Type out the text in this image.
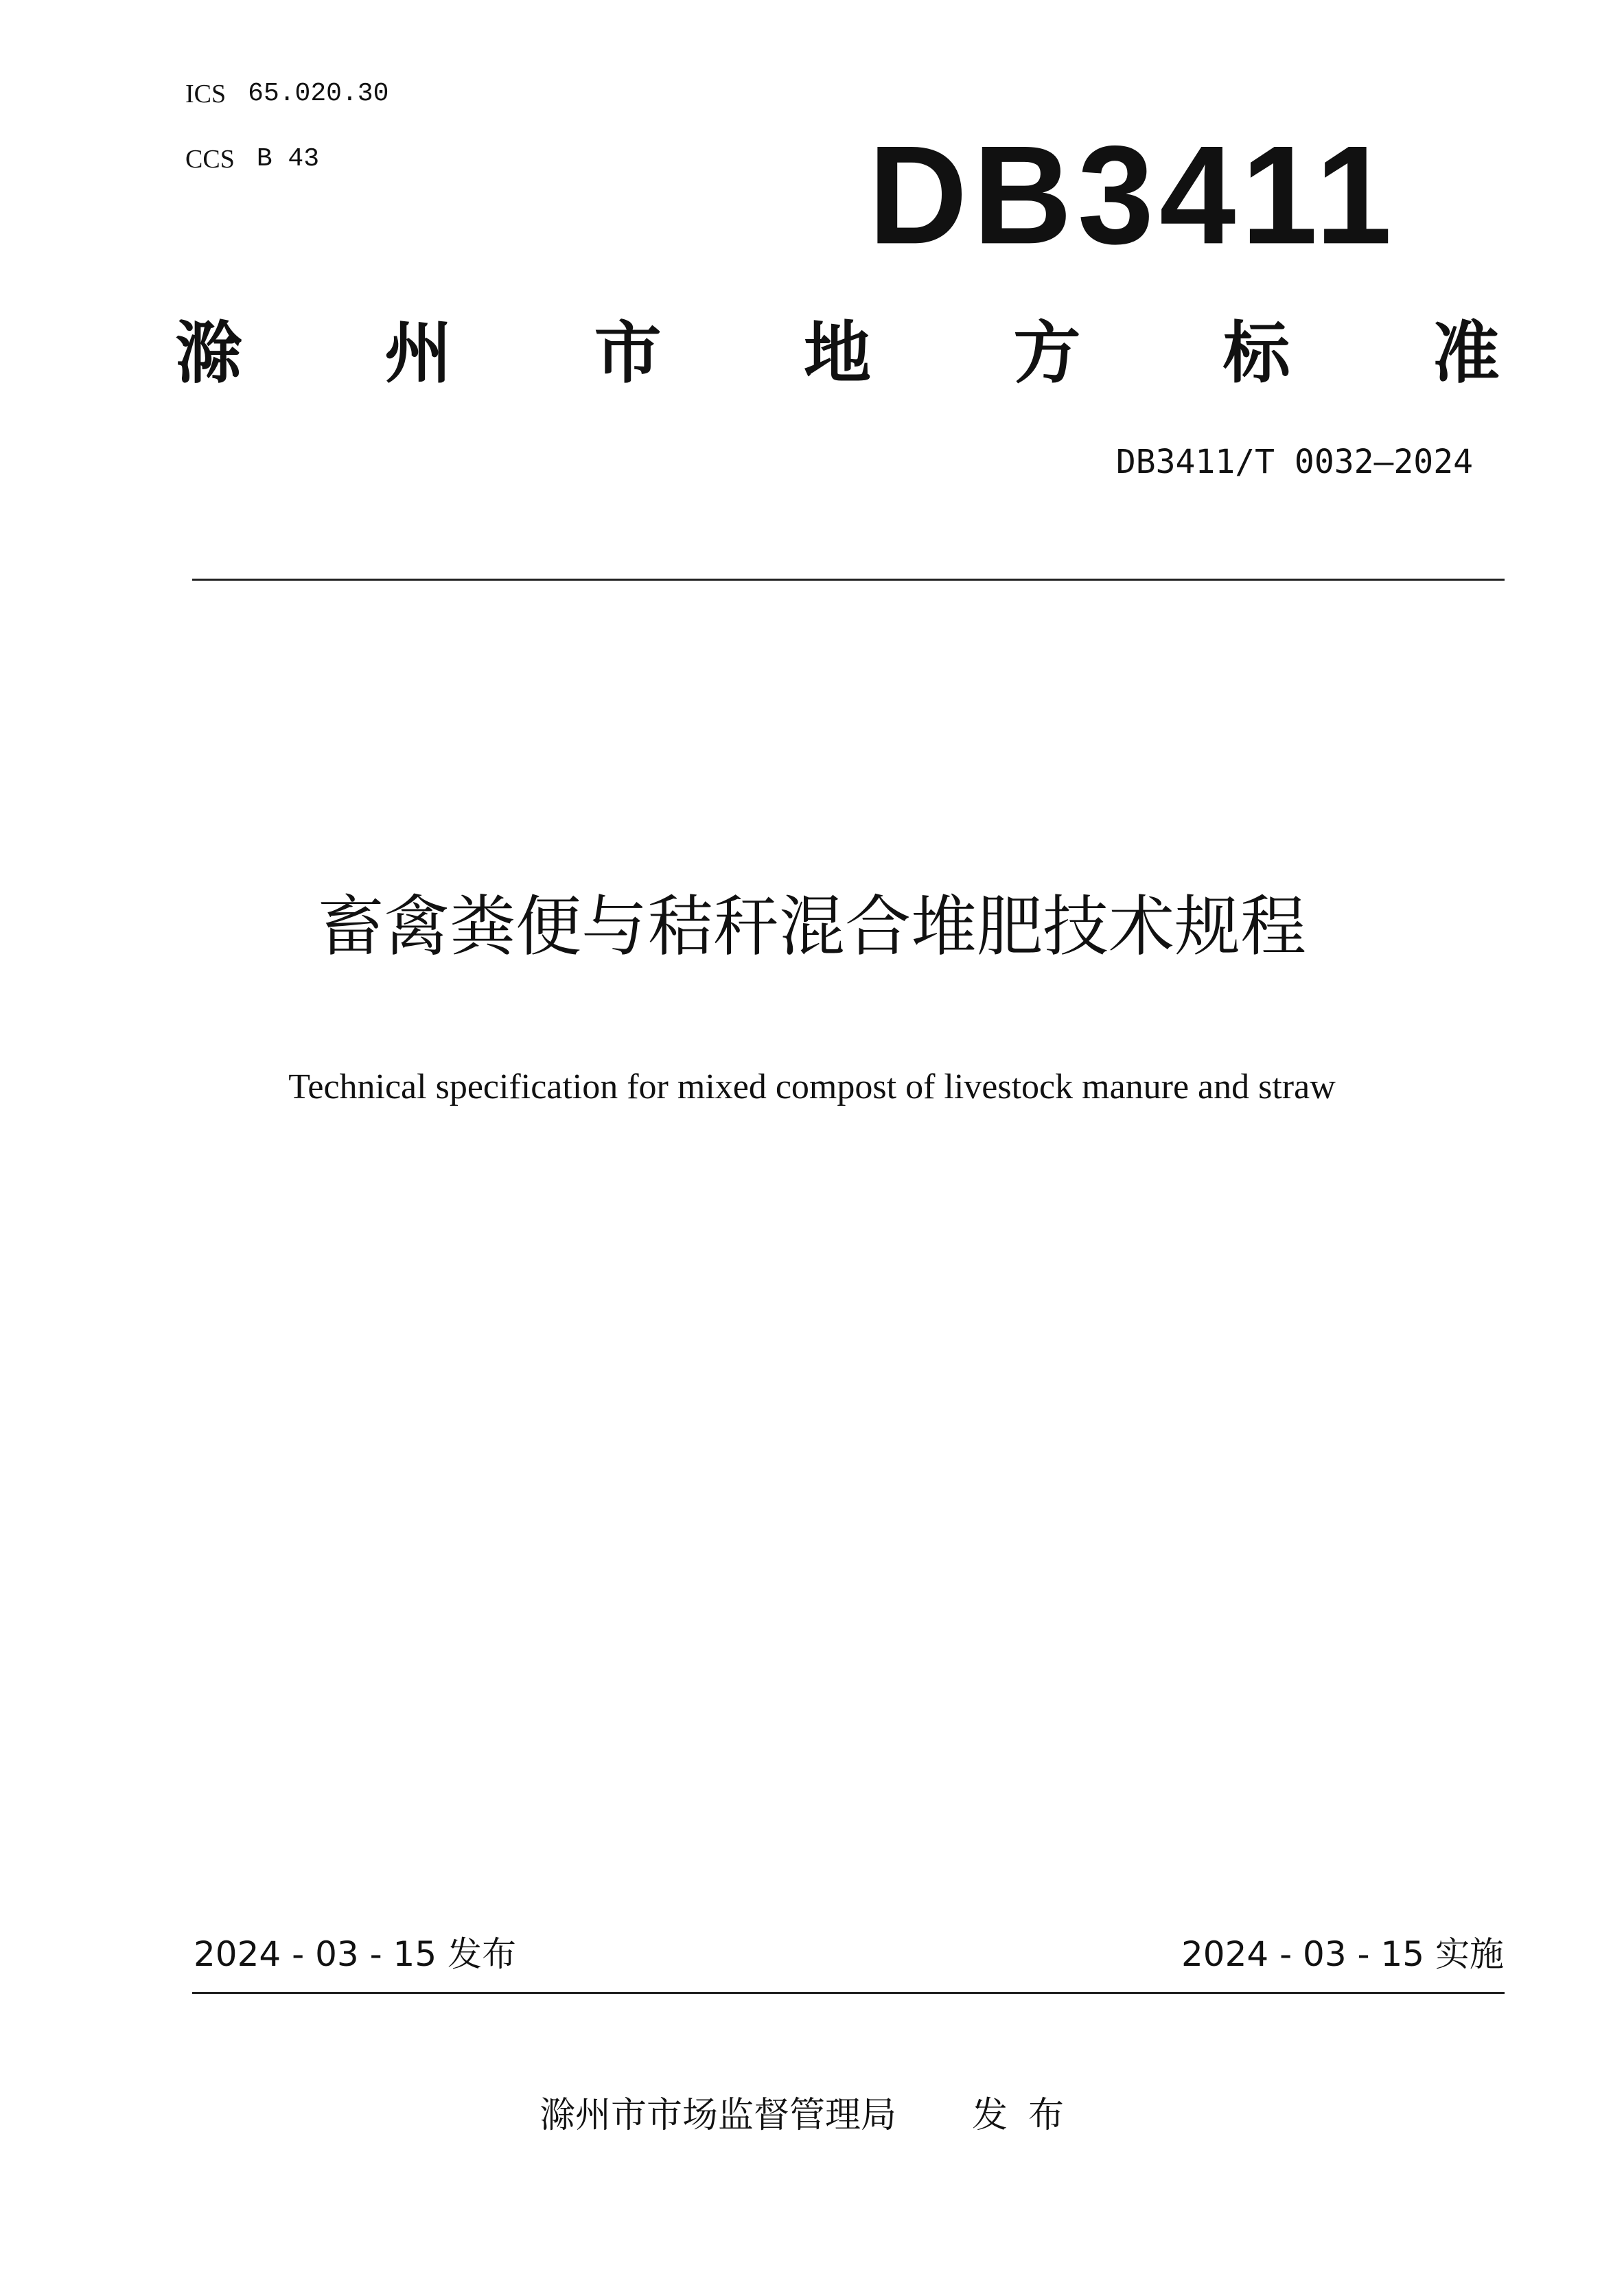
ICS 65.020.30
CCS B 43	DB3411
滁 州 市 地 方 标 准
DB3411/T 0032—2024
畜禽粪便与秸秆混合堆肥技术规程
Technical specification for mixed compost of livestock manure and straw
2024 - 03 - 15 发布	2024 - 03 - 15 实施
滁州市市场监督管理局 发布
